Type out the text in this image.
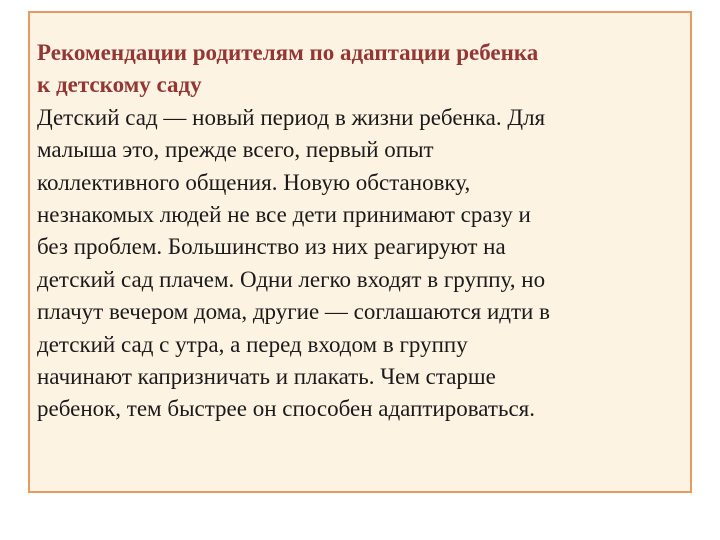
Рекомендации родителям по адаптации ребенка
к детскому саду
Детский сад — новый период в жизни ребенка. Для
малыша это, прежде всего, первый опыт
коллективного общения. Новую обстановку,
незнакомых людей не все дети принимают сразу и
без проблем. Большинство из них реагируют на
детский сад плачем. Одни легко входят в группу, но
плачут вечером дома, другие — соглашаются идти в
детский сад с утра, а перед входом в группу
начинают капризничать и плакать. Чем старше
ребенок, тем быстрее он способен адаптироваться.
